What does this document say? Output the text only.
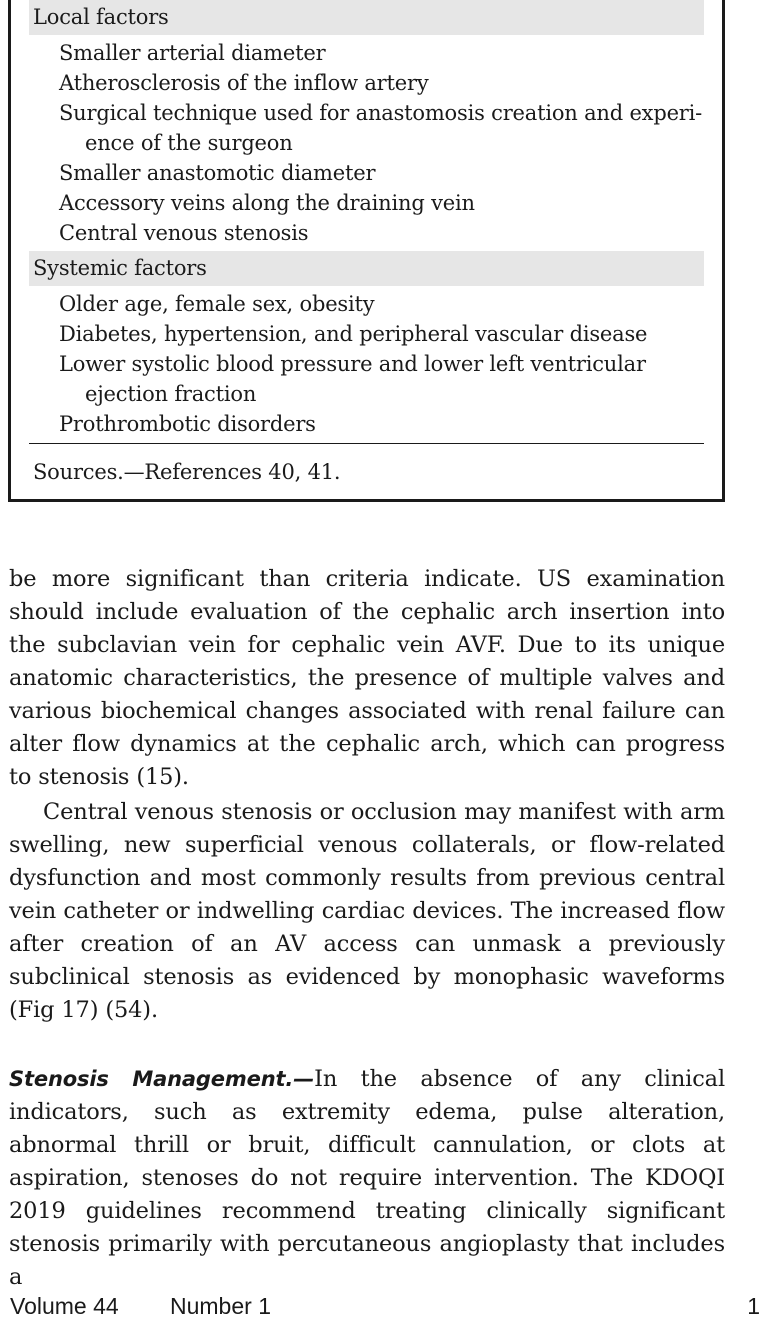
Local factors
Smaller arterial diameter
Atherosclerosis of the inflow artery
Surgical technique used for anastomosis creation and experi-
ence of the surgeon
Smaller anastomotic diameter
Accessory veins along the draining vein
Central venous stenosis
Systemic factors
Older age, female sex, obesity
Diabetes, hypertension, and peripheral vascular disease
Lower systolic blood pressure and lower left ventricular
ejection fraction
Prothrombotic disorders
Sources.—References 40, 41.

be more significant than criteria indicate. US examination should include evaluation of the cephalic arch insertion into the subclavian vein for cephalic vein AVF. Due to its unique anatomic characteristics, the presence of multiple valves and various biochemical changes associated with renal failure can alter flow dynamics at the cephalic arch, which can progress to stenosis (15).

Central venous stenosis or occlusion may manifest with arm swelling, new superficial venous collaterals, or flow-related dysfunction and most commonly results from previous central vein catheter or indwelling cardiac devices. The increased flow after creation of an AV access can unmask a previously subclinical stenosis as evidenced by monophasic waveforms (Fig 17) (54).

Stenosis Management.—In the absence of any clinical indicators, such as extremity edema, pulse alteration, abnormal thrill or bruit, difficult cannulation, or clots at aspiration, stenoses do not require intervention. The KDOQI 2019 guidelines recommend treating clinically significant stenosis primarily with percutaneous angioplasty that includes a

Volume 44 Number 1	1
